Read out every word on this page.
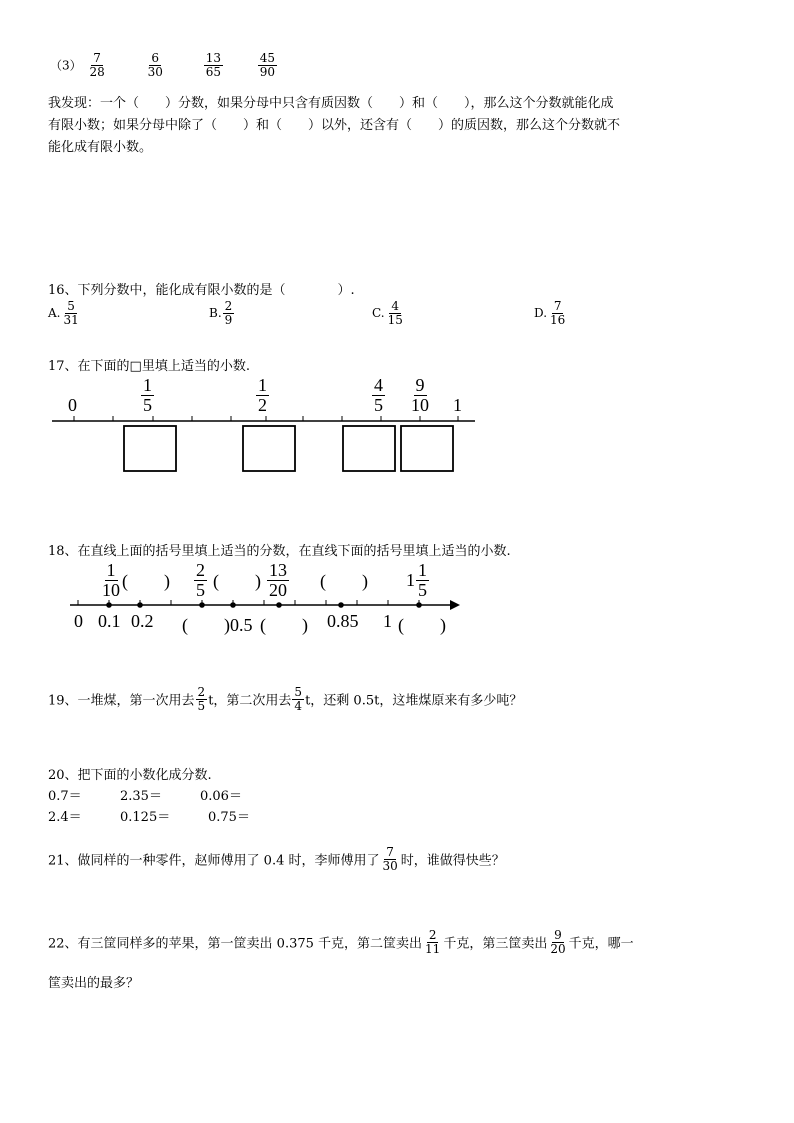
$(3) \frac{7}{28}$
	$\frac{6}{30}$
	$\frac{13}{65}$
	$\frac{45}{90}$
我发现：一个（　　）分数，如果分母中只含有质因数（　　）和（　　），那么这个分数就能化成
有限小数；如果分母中除了（　　）和（　　）以外，还含有（　　）的质因数，那么这个分数就不
能化成有限小数。
16、下列分数中，能化成有限小数的是（　　　　）.
A. $\frac{5}{31}$	B. $\frac{2}{9}$	C. $\frac{4}{15}$	D. $\frac{7}{16}$
17、在下面的□里填上适当的小数.
0	$\frac{1}{5}$	$\frac{1}{2}$	$\frac{4}{5} \frac{9}{10} 1$
18、在直线上面的括号里填上适当的分数，在直线下面的括号里填上适当的小数.
$\frac{1}{10}$ (　　) $\frac{2}{5}$ (　　) $\frac{13}{20}$ (　　) $1 \frac{1}{5}$
0 0.1 0.2 (　　)0.5 (　　) 0.85 1 (　　)
19、一堆煤，第一次用去 $\frac{2}{5}$ t，第二次用去 $\frac{5}{4}$ t，还剩 0.5t，这堆煤原来有多少吨？
20、把下面的小数化成分数.
0.7＝	2.35＝	0.06＝
2.4＝	0.125＝	0.75＝
21、做同样的一种零件，赵师傅用了 0.4 时，李师傅用了 $\frac{7}{30}$ 时，谁做得快些？
22、有三筐同样多的苹果，第一筐卖出 0.375 千克，第二筐卖出 $\frac{2}{11}$ 千克，第三筐卖出 $\frac{9}{20}$ 千克，哪一
筐卖出的最多？
